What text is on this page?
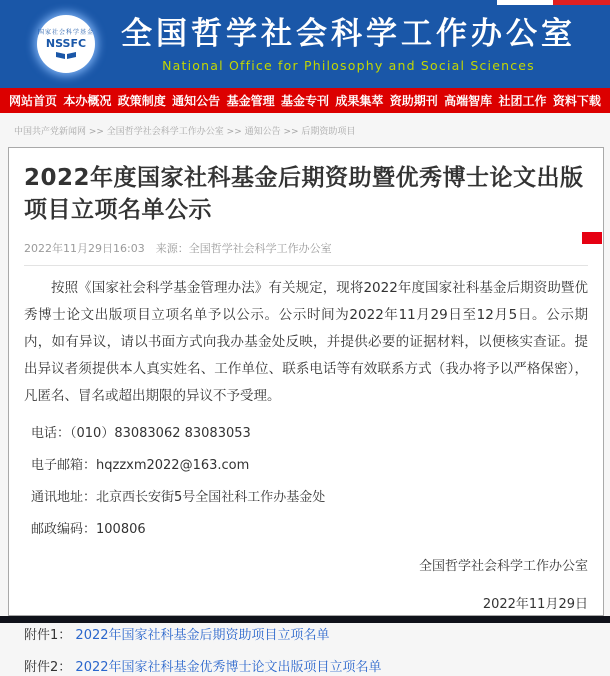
国家社会科学基金
NSSFC 全国哲学社会科学工作办公室
National Office for Philosophy and Social Sciences
网站首页 本办概况 政策制度 通知公告 基金管理 基金专刊 成果集萃 资助期刊 高端智库 社团工作 资料下载
中国共产党新闻网 >> 全国哲学社会科学工作办公室 >> 通知公告 >> 后期资助项目
2022年度国家社科基金后期资助暨优秀博士论文出版项目立项名单公示
2022年11月29日16:03　来源：全国哲学社会科学工作办公室

按照《国家社会科学基金管理办法》有关规定，现将2022年度国家社科基金后期资助暨优秀博士论文出版项目立项名单予以公示。公示时间为2022年11月29日至12月5日。公示期内，如有异议，请以书面方式向我办基金处反映，并提供必要的证据材料，以便核实查证。提出异议者须提供本人真实姓名、工作单位、联系电话等有效联系方式（我办将予以严格保密），凡匿名、冒名或超出期限的异议不予受理。

电话：（010）83083062 83083053

电子邮箱：hqzzxm2022@163.com

通讯地址：北京西长安街5号全国社科工作办基金处

邮政编码：100806

全国哲学社会科学工作办公室

2022年11月29日

附件1： 2022年国家社科基金后期资助项目立项名单

附件2： 2022年国家社科基金优秀博士论文出版项目立项名单
